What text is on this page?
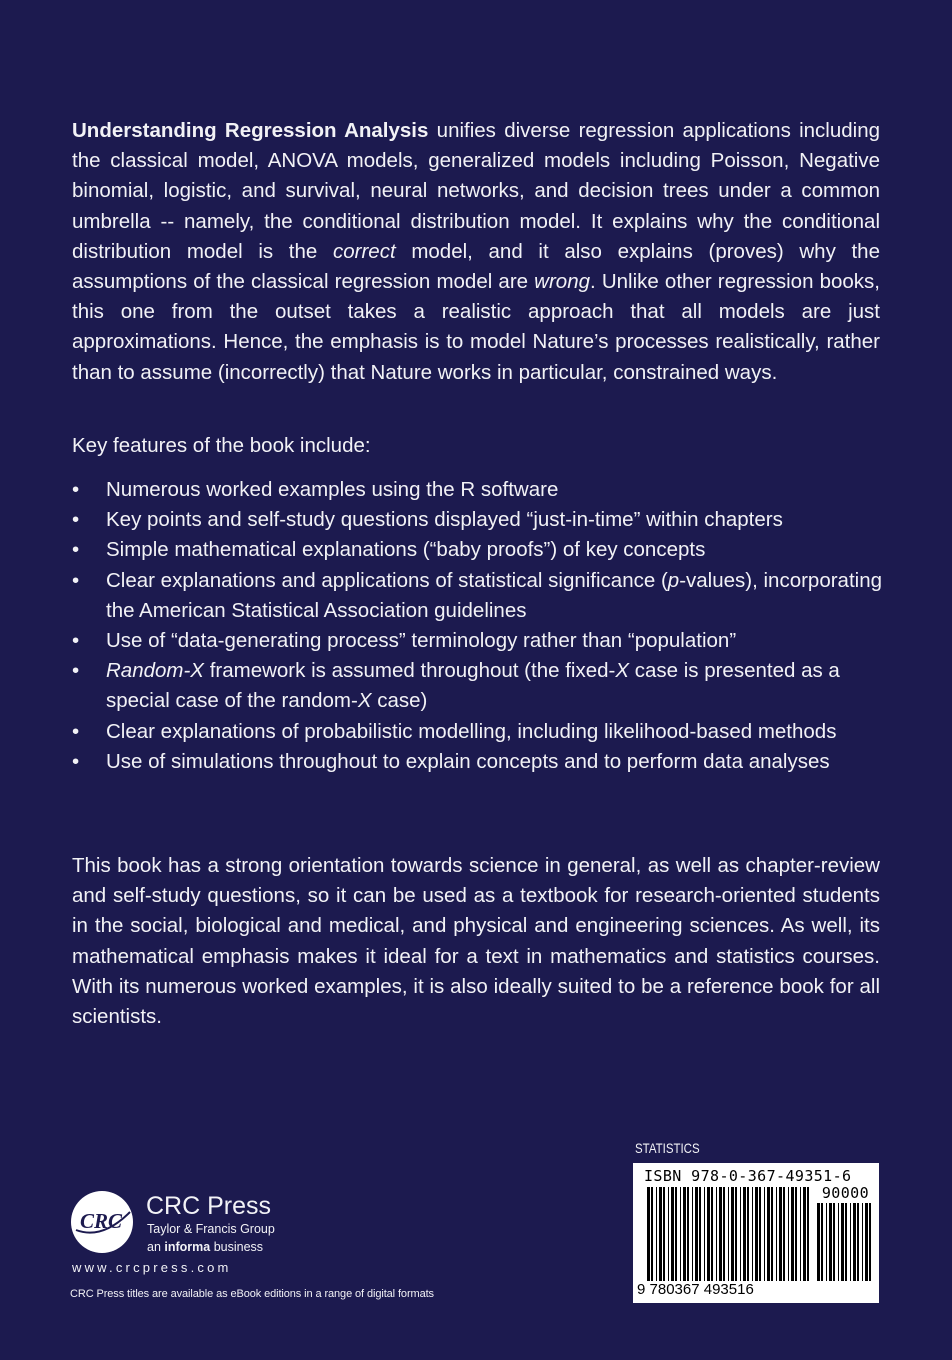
Understanding Regression Analysis unifies diverse regression applications including the classical model, ANOVA models, generalized models including Poisson, Negative binomial, logistic, and survival, neural networks, and decision trees under a common umbrella -- namely, the conditional distribution model. It explains why the conditional distribution model is the correct model, and it also explains (proves) why the assumptions of the classical regression model are wrong. Unlike other regression books, this one from the outset takes a realistic approach that all models are just approximations. Hence, the emphasis is to model Nature’s processes realistically, rather than to assume (incorrectly) that Nature works in particular, constrained ways.

Key features of the book include:

• Numerous worked examples using the R software
• Key points and self-study questions displayed “just-in-time” within chapters
• Simple mathematical explanations (“baby proofs”) of key concepts
• Clear explanations and applications of statistical significance (p-values), incorporating the American Statistical Association guidelines
• Use of “data-generating process” terminology rather than “population”
• Random-X framework is assumed throughout (the fixed-X case is presented as a special case of the random-X case)
• Clear explanations of probabilistic modelling, including likelihood-based methods
• Use of simulations throughout to explain concepts and to perform data analyses

This book has a strong orientation towards science in general, as well as chapter-review and self-study questions, so it can be used as a textbook for research-oriented students in the social, biological and medical, and physical and engineering sciences. As well, its mathematical emphasis makes it ideal for a text in mathematics and statistics courses. With its numerous worked examples, it is also ideally suited to be a reference book for all scientists.

CRC
CRC Press
Taylor & Francis Group
an informa business
www.crcpress.com
CRC Press titles are available as eBook editions in a range of digital formats
STATISTICS
ISBN 978-0-367-49351-6
90000
9 780367 493516
